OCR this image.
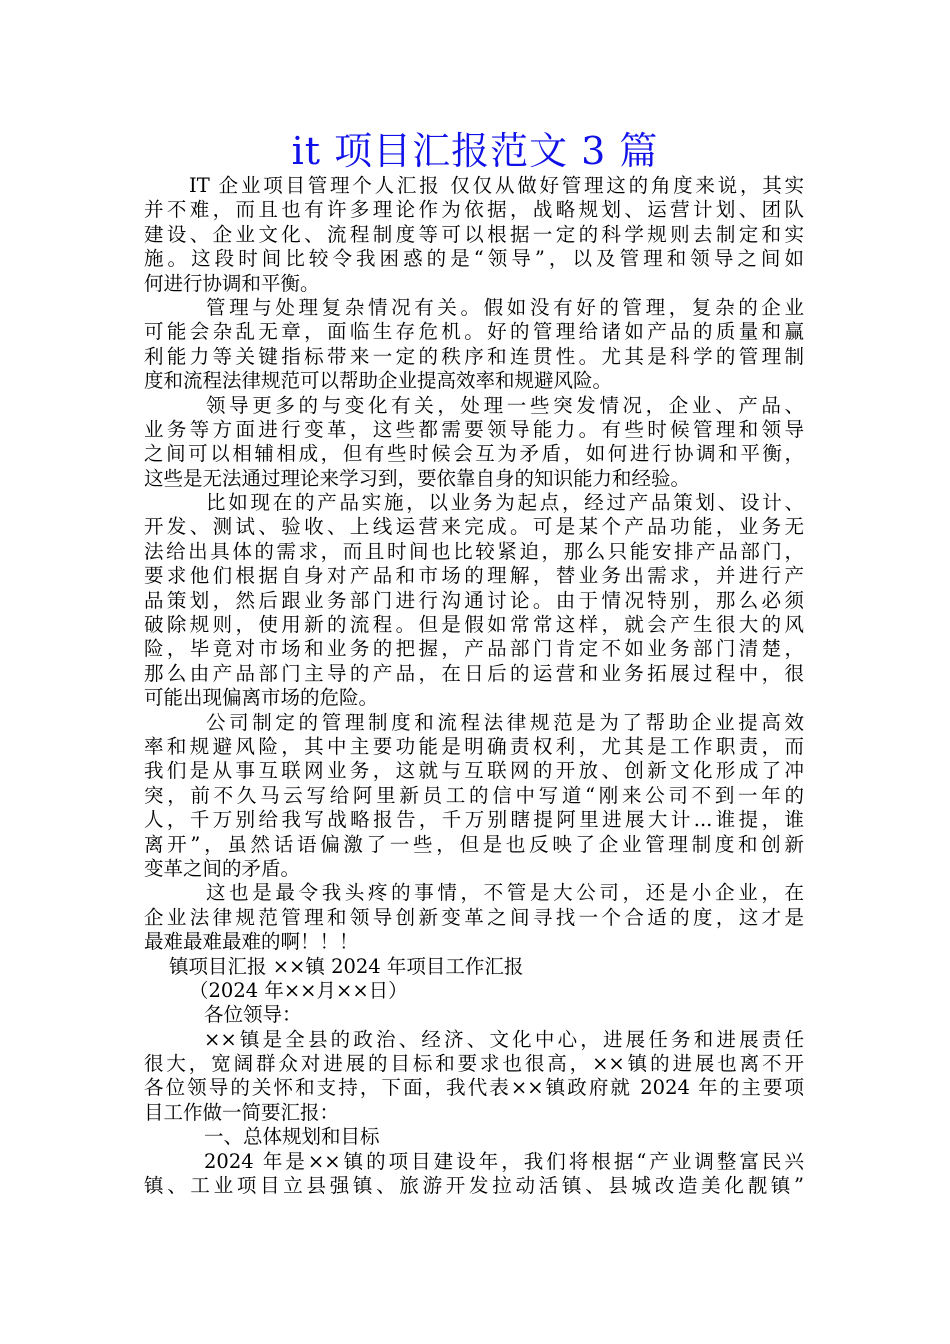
it 项目汇报范文 3 篇
IT 企业项目管理个人汇报 仅仅从做好管理这的角度来说，其实
并不难，而且也有许多理论作为依据，战略规划、运营计划、团队
建设、企业文化、流程制度等可以根据一定的科学规则去制定和实
施。这段时间比较令我困惑的是“领导”，以及管理和领导之间如
何进行协调和平衡。
管理与处理复杂情况有关。假如没有好的管理，复杂的企业
可能会杂乱无章，面临生存危机。好的管理给诸如产品的质量和赢
利能力等关键指标带来一定的秩序和连贯性。尤其是科学的管理制
度和流程法律规范可以帮助企业提高效率和规避风险。
领导更多的与变化有关，处理一些突发情况，企业、产品、
业务等方面进行变革，这些都需要领导能力。有些时候管理和领导
之间可以相辅相成，但有些时候会互为矛盾，如何进行协调和平衡，
这些是无法通过理论来学习到，要依靠自身的知识能力和经验。
比如现在的产品实施，以业务为起点，经过产品策划、设计、
开发、测试、验收、上线运营来完成。可是某个产品功能，业务无
法给出具体的需求，而且时间也比较紧迫，那么只能安排产品部门，
要求他们根据自身对产品和市场的理解，替业务出需求，并进行产
品策划，然后跟业务部门进行沟通讨论。由于情况特别，那么必须
破除规则，使用新的流程。但是假如常常这样，就会产生很大的风
险，毕竟对市场和业务的把握，产品部门肯定不如业务部门清楚，
那么由产品部门主导的产品，在日后的运营和业务拓展过程中，很
可能出现偏离市场的危险。
公司制定的管理制度和流程法律规范是为了帮助企业提高效
率和规避风险，其中主要功能是明确责权利，尤其是工作职责，而
我们是从事互联网业务，这就与互联网的开放、创新文化形成了冲
突，前不久马云写给阿里新员工的信中写道“刚来公司不到一年的
人，千万别给我写战略报告，千万别瞎提阿里进展大计...谁提，谁
离开”，虽然话语偏激了一些，但是也反映了企业管理制度和创新
变革之间的矛盾。
这也是最令我头疼的事情，不管是大公司，还是小企业，在
企业法律规范管理和领导创新变革之间寻找一个合适的度，这才是
最难最难最难的啊！！！
镇项目汇报 ××镇 2024 年项目工作汇报
（2024 年××月××日）
各位领导：
××镇是全县的政治、经济、文化中心，进展任务和进展责任
很大，宽阔群众对进展的目标和要求也很高，××镇的进展也离不开
各位领导的关怀和支持，下面，我代表××镇政府就 2024 年的主要项
目工作做一简要汇报：
一、总体规划和目标
2024 年是××镇的项目建设年，我们将根据“产业调整富民兴
镇、工业项目立县强镇、旅游开发拉动活镇、县城改造美化靓镇”
